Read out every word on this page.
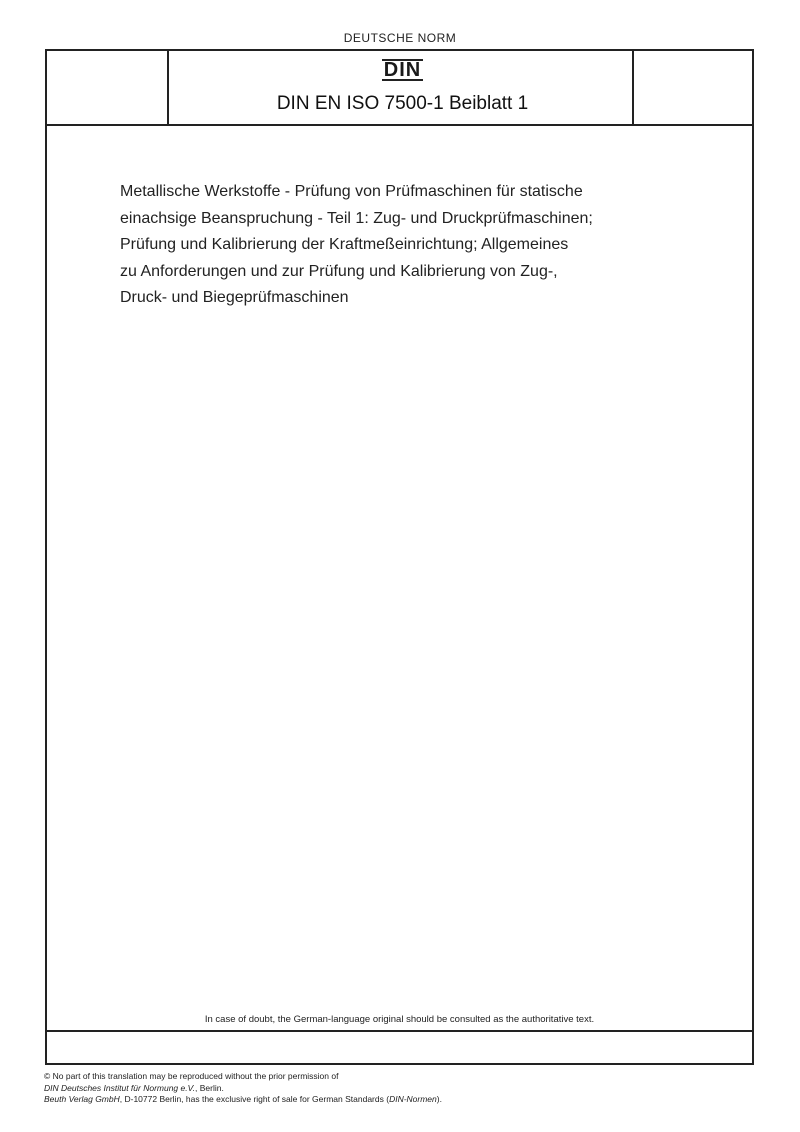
DEUTSCHE NORM
DIN
DIN EN ISO 7500-1 Beiblatt 1
Metallische Werkstoffe - Prüfung von Prüfmaschinen für statische
einachsige Beanspruchung - Teil 1: Zug- und Druckprüfmaschinen;
Prüfung und Kalibrierung der Kraftmeßeinrichtung; Allgemeines
zu Anforderungen und zur Prüfung und Kalibrierung von Zug-,
Druck- und Biegeprüfmaschinen
In case of doubt, the German-language original should be consulted as the authoritative text.
© No part of this translation may be reproduced without the prior permission of
DIN Deutsches Institut für Normung e.V., Berlin.
Beuth Verlag GmbH, D-10772 Berlin, has the exclusive right of sale for German Standards (DIN-Normen).
